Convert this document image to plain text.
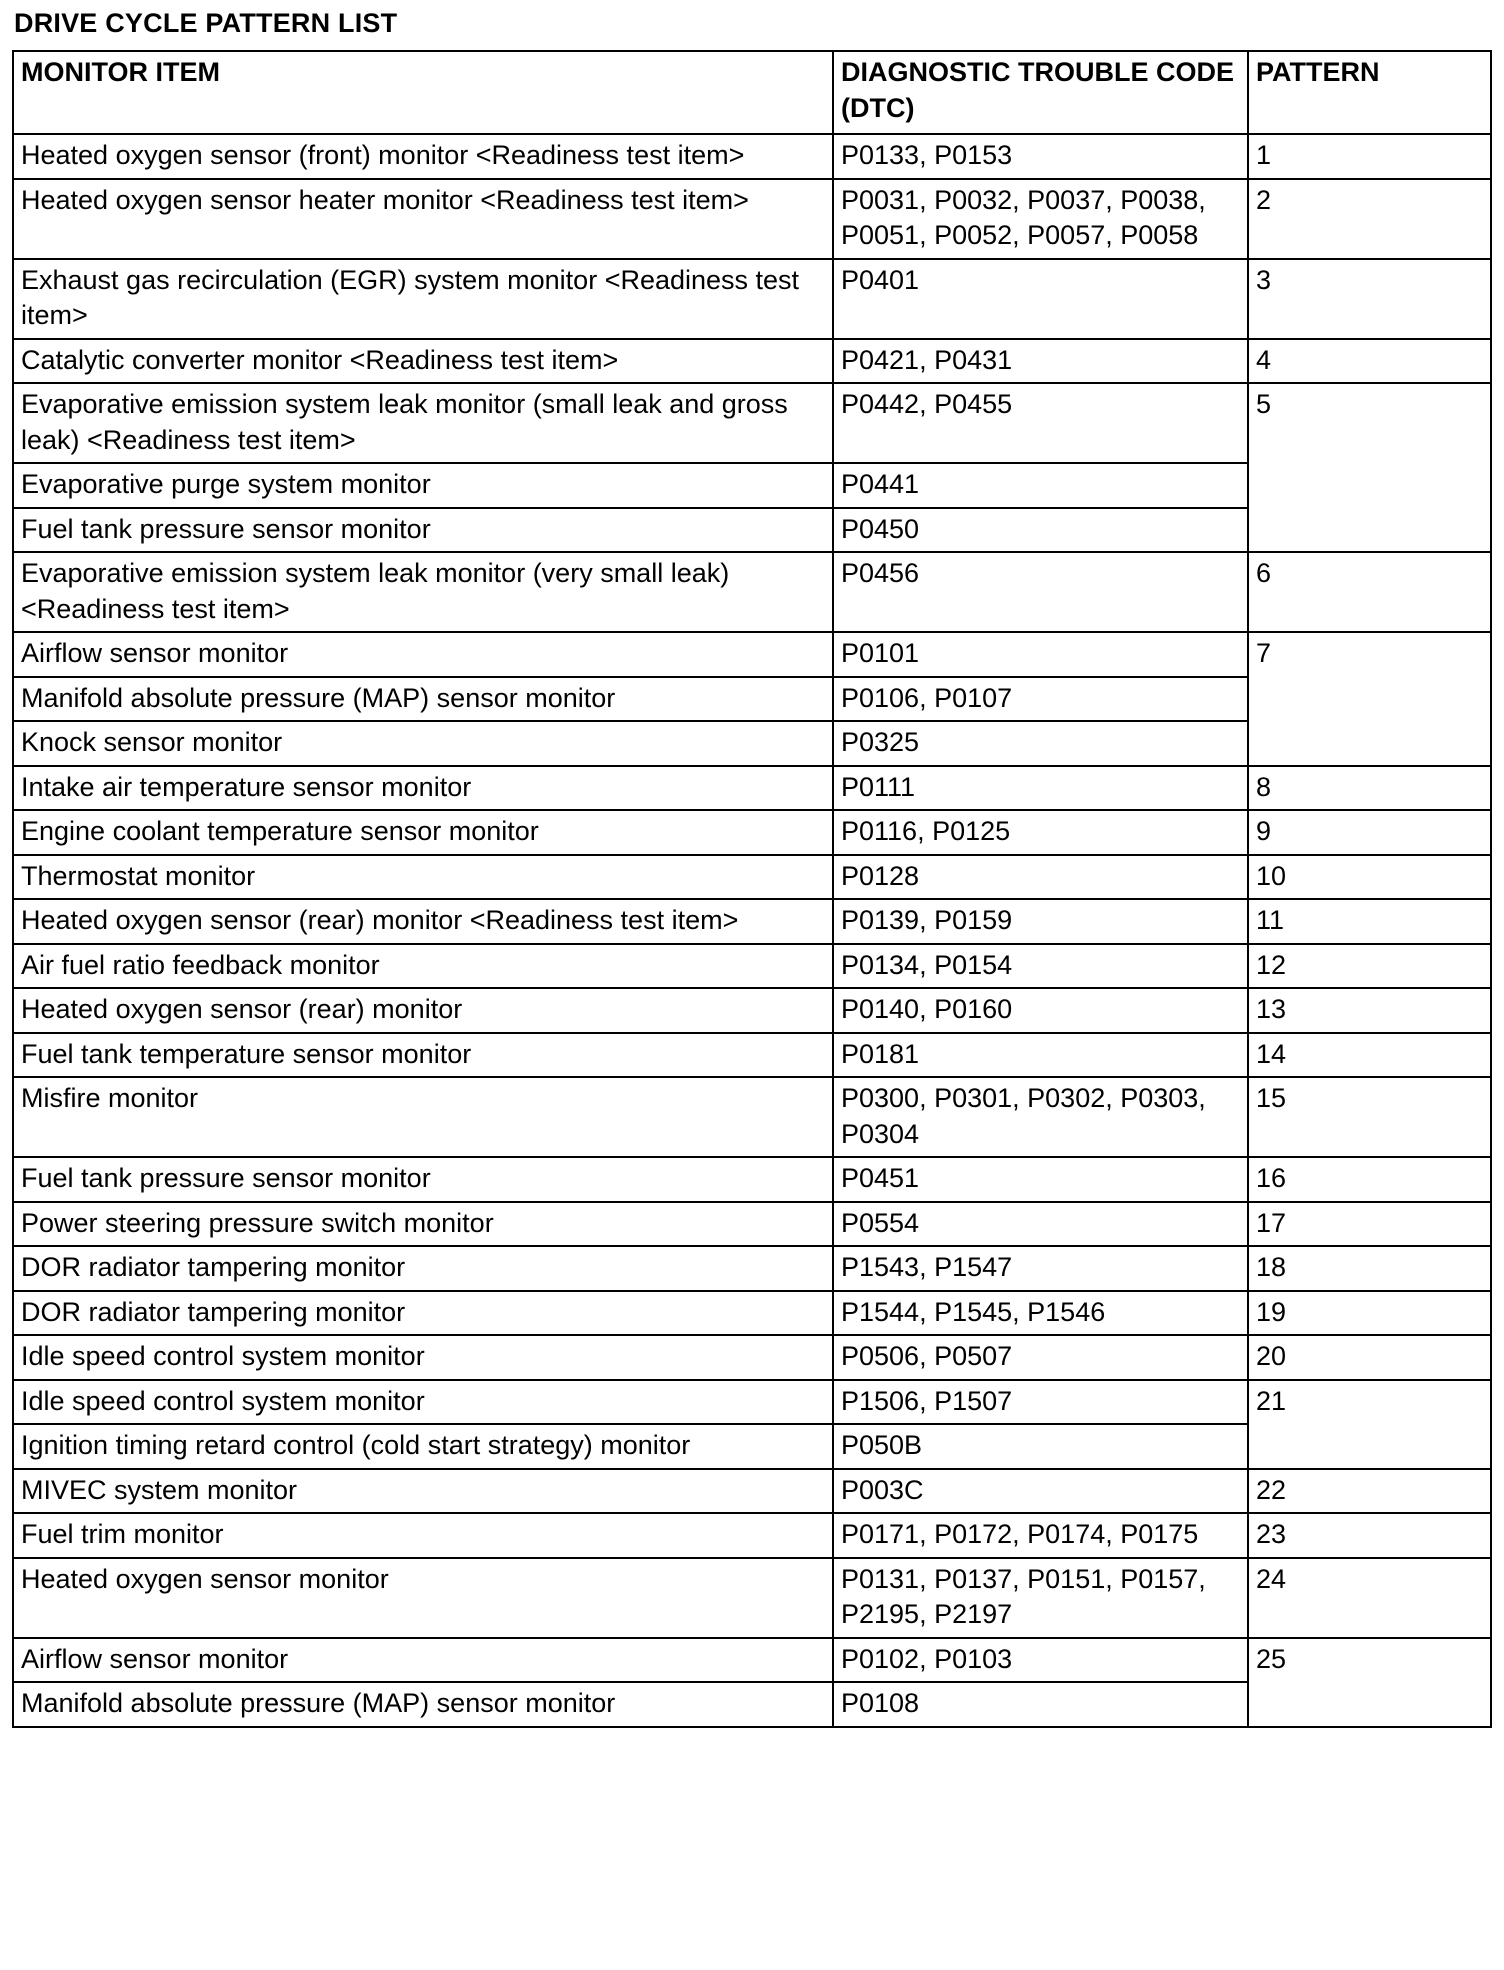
DRIVE CYCLE PATTERN LIST
MONITOR ITEM	DIAGNOSTIC TROUBLE CODE (DTC)	PATTERN
Heated oxygen sensor (front) monitor <Readiness test item>	P0133, P0153	1
Heated oxygen sensor heater monitor <Readiness test item>	P0031, P0032, P0037, P0038, P0051, P0052, P0057, P0058	2
Exhaust gas recirculation (EGR) system monitor <Readiness test item>	P0401	3
Catalytic converter monitor <Readiness test item>	P0421, P0431	4
Evaporative emission system leak monitor (small leak and gross leak) <Readiness test item>	P0442, P0455	5
Evaporative purge system monitor	P0441	
Fuel tank pressure sensor monitor	P0450	
Evaporative emission system leak monitor (very small leak) <Readiness test item>	P0456	6
Airflow sensor monitor	P0101	7
Manifold absolute pressure (MAP) sensor monitor	P0106, P0107	
Knock sensor monitor	P0325	
Intake air temperature sensor monitor	P0111	8
Engine coolant temperature sensor monitor	P0116, P0125	9
Thermostat monitor	P0128	10
Heated oxygen sensor (rear) monitor <Readiness test item>	P0139, P0159	11
Air fuel ratio feedback monitor	P0134, P0154	12
Heated oxygen sensor (rear) monitor	P0140, P0160	13
Fuel tank temperature sensor monitor	P0181	14
Misfire monitor	P0300, P0301, P0302, P0303, P0304	15
Fuel tank pressure sensor monitor	P0451	16
Power steering pressure switch monitor	P0554	17
DOR radiator tampering monitor	P1543, P1547	18
DOR radiator tampering monitor	P1544, P1545, P1546	19
Idle speed control system monitor	P0506, P0507	20
Idle speed control system monitor	P1506, P1507	21
Ignition timing retard control (cold start strategy) monitor	P050B	
MIVEC system monitor	P003C	22
Fuel trim monitor	P0171, P0172, P0174, P0175	23
Heated oxygen sensor monitor	P0131, P0137, P0151, P0157, P2195, P2197	24
Airflow sensor monitor	P0102, P0103	25
Manifold absolute pressure (MAP) sensor monitor	P0108	
